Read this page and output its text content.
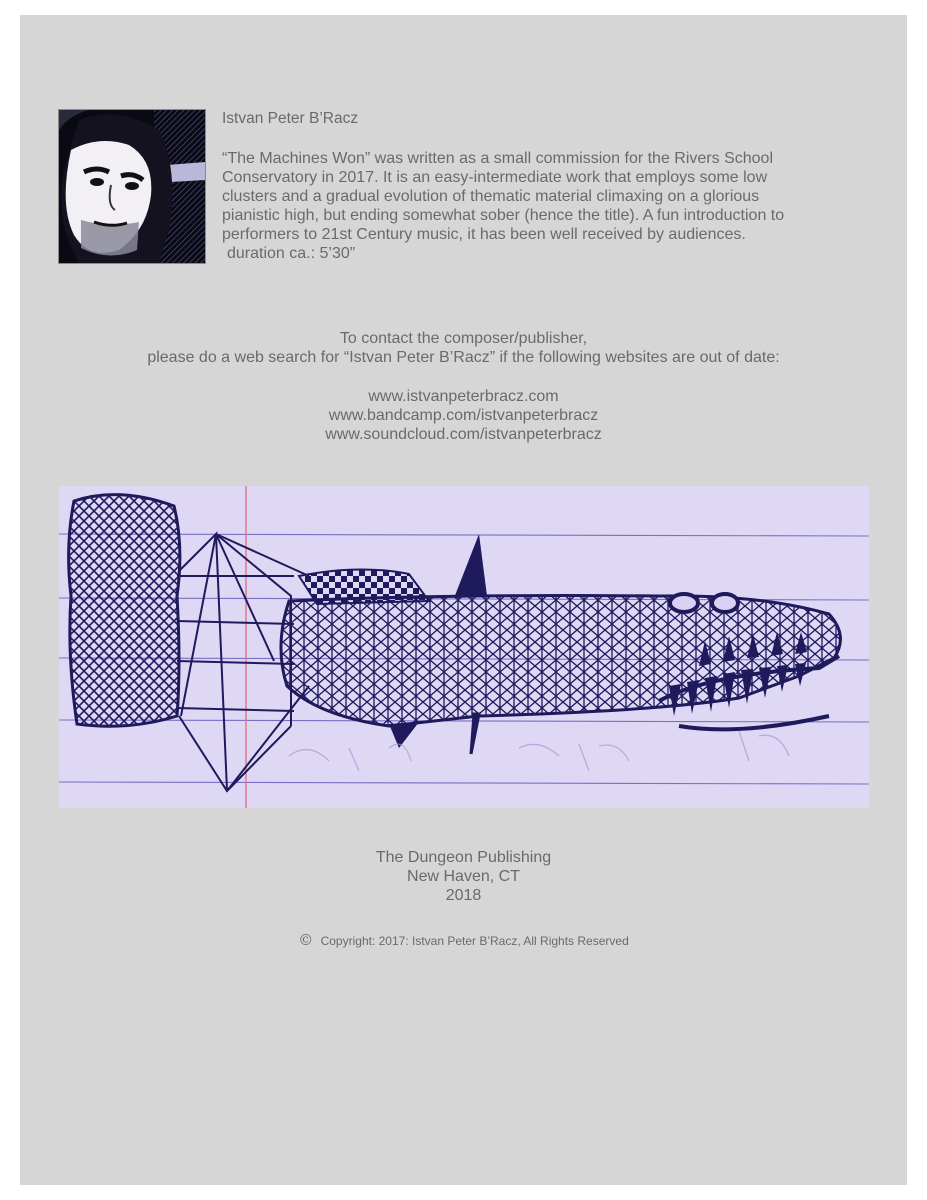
Istvan Peter B’Racz

“The Machines Won” was written as a small commission for the Rivers School
Conservatory in 2017. It is an easy-intermediate work that employs some low
clusters and a gradual evolution of thematic material climaxing on a glorious
pianistic high, but ending somewhat sober (hence the title). A fun introduction to
performers to 21st Century music, it has been well received by audiences.
duration ca.: 5’30”

To contact the composer/publisher,
please do a web search for “Istvan Peter B’Racz” if the following websites are out of date:
www.istvanpeterbracz.com
www.bandcamp.com/istvanpeterbracz
www.soundcloud.com/istvanpeterbracz
The Dungeon Publishing
New Haven, CT
2018
© Copyright: 2017: Istvan Peter B’Racz, All Rights Reserved
